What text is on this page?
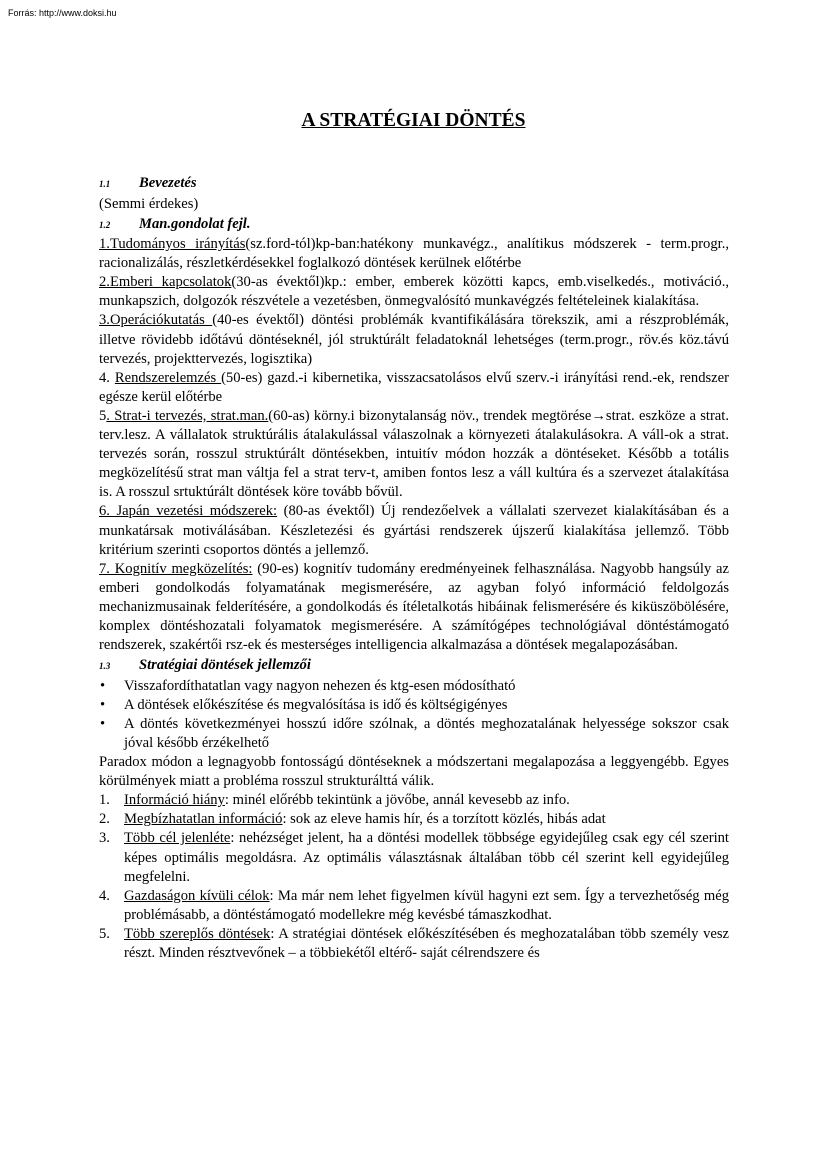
Forrás: http://www.doksi.hu
A STRATÉGIAI DÖNTÉS
1.1 Bevezetés
(Semmi érdekes)
1.2 Man.gondolat fejl.
1.Tudományos irányítás(sz.ford-tól)kp-ban:hatékony munkavégz., analítikus módszerek - term.progr., racionalizálás, részletkérdésekkel foglalkozó döntések kerülnek előtérbe
2.Emberi kapcsolatok(30-as évektől)kp.: ember, emberek közötti kapcs, emb.viselkedés., motiváció., munkapszich, dolgozók részvétele a vezetésben, önmegvalósító munkavégzés feltételeinek kialakítása.
3.Operációkutatás (40-es évektől) döntési problémák kvantifikálására törekszik, ami a részproblémák, illetve rövidebb időtávú döntéseknél, jól struktúrált feladatoknál lehetséges (term.progr., röv.és köz.távú tervezés, projekttervezés, logisztika)
4. Rendszerelemzés (50-es) gazd.-i kibernetika, visszacsatolásos elvű szerv.-i irányítási rend.-ek, rendszer egésze kerül előtérbe
5. Strat-i tervezés, strat.man.(60-as) körny.i bizonytalanság növ., trendek megtörése→strat. eszköze a strat. terv.lesz. A vállalatok struktúrális átalakulással válaszolnak a környezeti átalakulásokra. A váll-ok a strat. tervezés során, rosszul struktúrált döntésekben, intuitív módon hozzák a döntéseket. Később a totális megközelítésű strat man váltja fel a strat terv-t, amiben fontos lesz a váll kultúra és a szervezet átalakítása is. A rosszul srtuktúrált döntések köre tovább bővül.
6. Japán vezetési módszerek: (80-as évektől) Új rendezőelvek a vállalati szervezet kialakításában és a munkatársak motiválásában. Készletezési és gyártási rendszerek újszerű kialakítása jellemző. Több kritérium szerinti csoportos döntés a jellemző.
7. Kognitív megközelítés: (90-es) kognitív tudomány eredményeinek felhasználása. Nagyobb hangsúly az emberi gondolkodás folyamatának megismerésére, az agyban folyó információ feldolgozás mechanizmusainak felderítésére, a gondolkodás és ítéletalkotás hibáinak felismerésére és kiküszöbölésére, komplex döntéshozatali folyamatok megismerésére. A számítógépes technológiával döntéstámogató rendszerek, szakértői rsz-ek és mesterséges intelligencia alkalmazása a döntések megalapozásában.
1.3 Stratégiai döntések jellemzői
• Visszafordíthatatlan vagy nagyon nehezen és ktg-esen módosítható
• A döntések előkészítése és megvalósítása is idő és költségigényes
• A döntés következményei hosszú időre szólnak, a döntés meghozatalának helyessége sokszor csak jóval később érzékelhető
Paradox módon a legnagyobb fontosságú döntéseknek a módszertani megalapozása a leggyengébb. Egyes körülmények miatt a probléma rosszul strukturálttá válik.
1. Információ hiány: minél előrébb tekintünk a jövőbe, annál kevesebb az info.
2. Megbízhatatlan információ: sok az eleve hamis hír, és a torzított közlés, hibás adat
3. Több cél jelenléte: nehézséget jelent, ha a döntési modellek többsége egyidejűleg csak egy cél szerint képes optimális megoldásra. Az optimális választásnak általában több cél szerint kell egyidejűleg megfelelni.
4. Gazdaságon kívüli célok: Ma már nem lehet figyelmen kívül hagyni ezt sem. Így a tervezhetőség még problémásabb, a döntéstámogató modellekre még kevésbé támaszkodhat.
5. Több szereplős döntések: A stratégiai döntések előkészítésében és meghozatalában több személy vesz részt. Minden résztvevőnek – a többiekétől eltérő- saját célrendszere és
